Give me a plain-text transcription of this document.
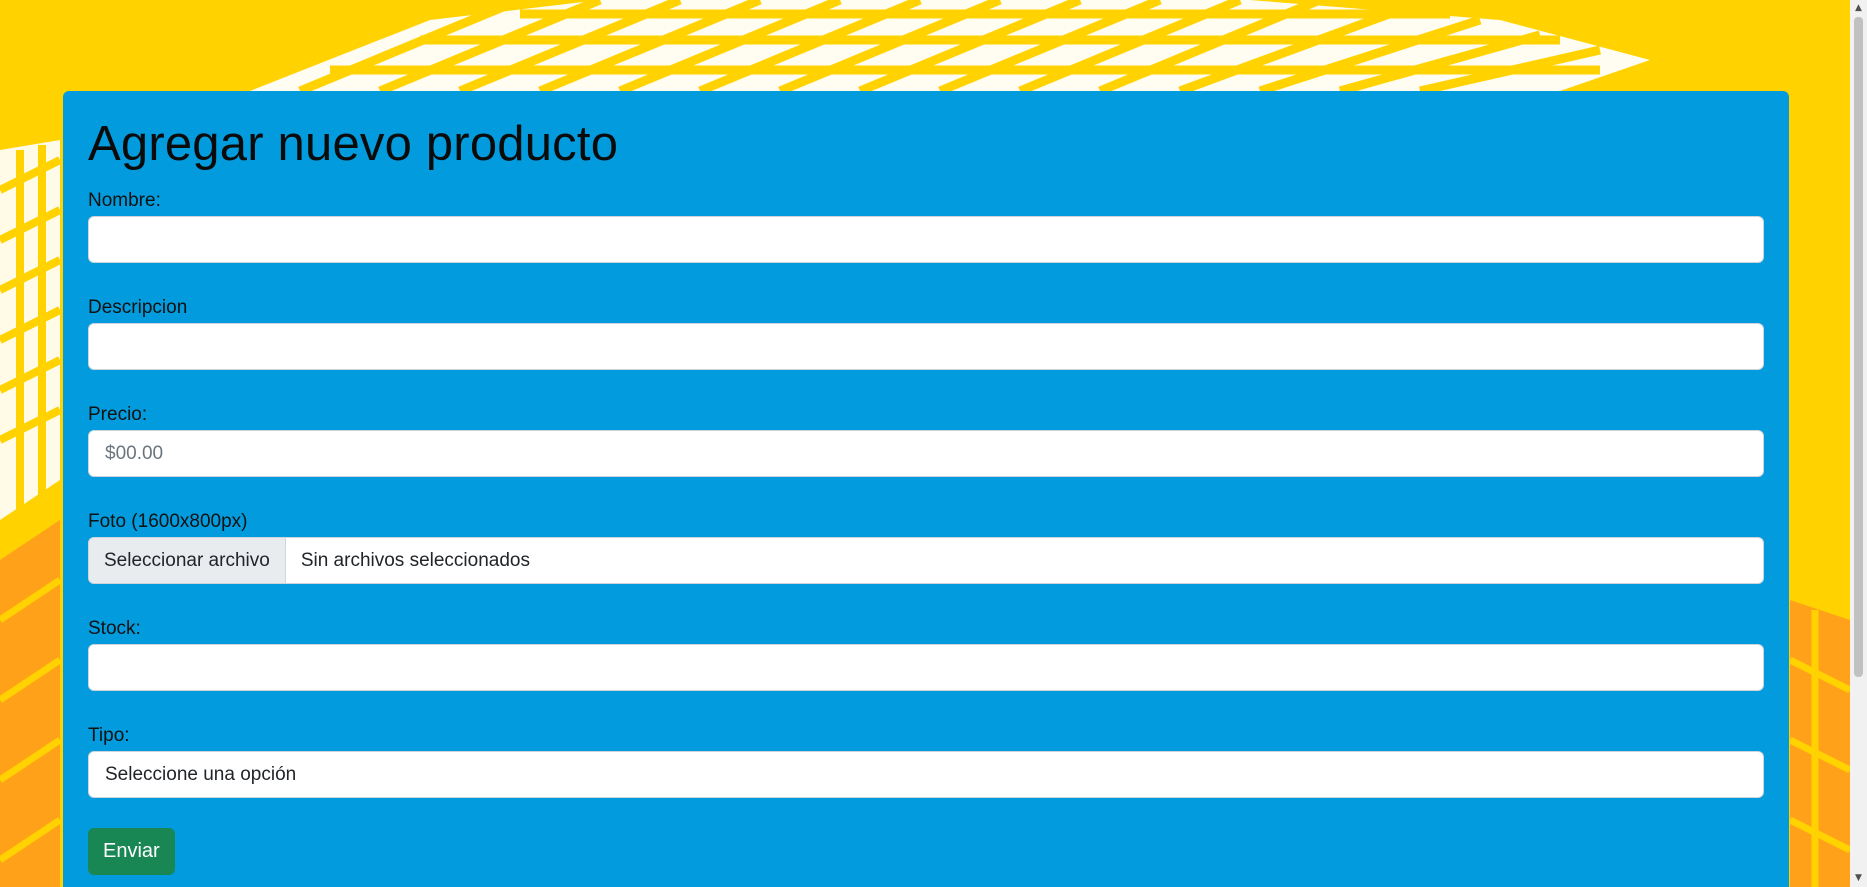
Agregar nuevo producto
Nombre:
Descripcion
Precio:
$00.00
Foto (1600x800px)
Seleccionar archivo	Sin archivos seleccionados
Stock:
Tipo:
Seleccione una opción
Enviar
▲
▼
